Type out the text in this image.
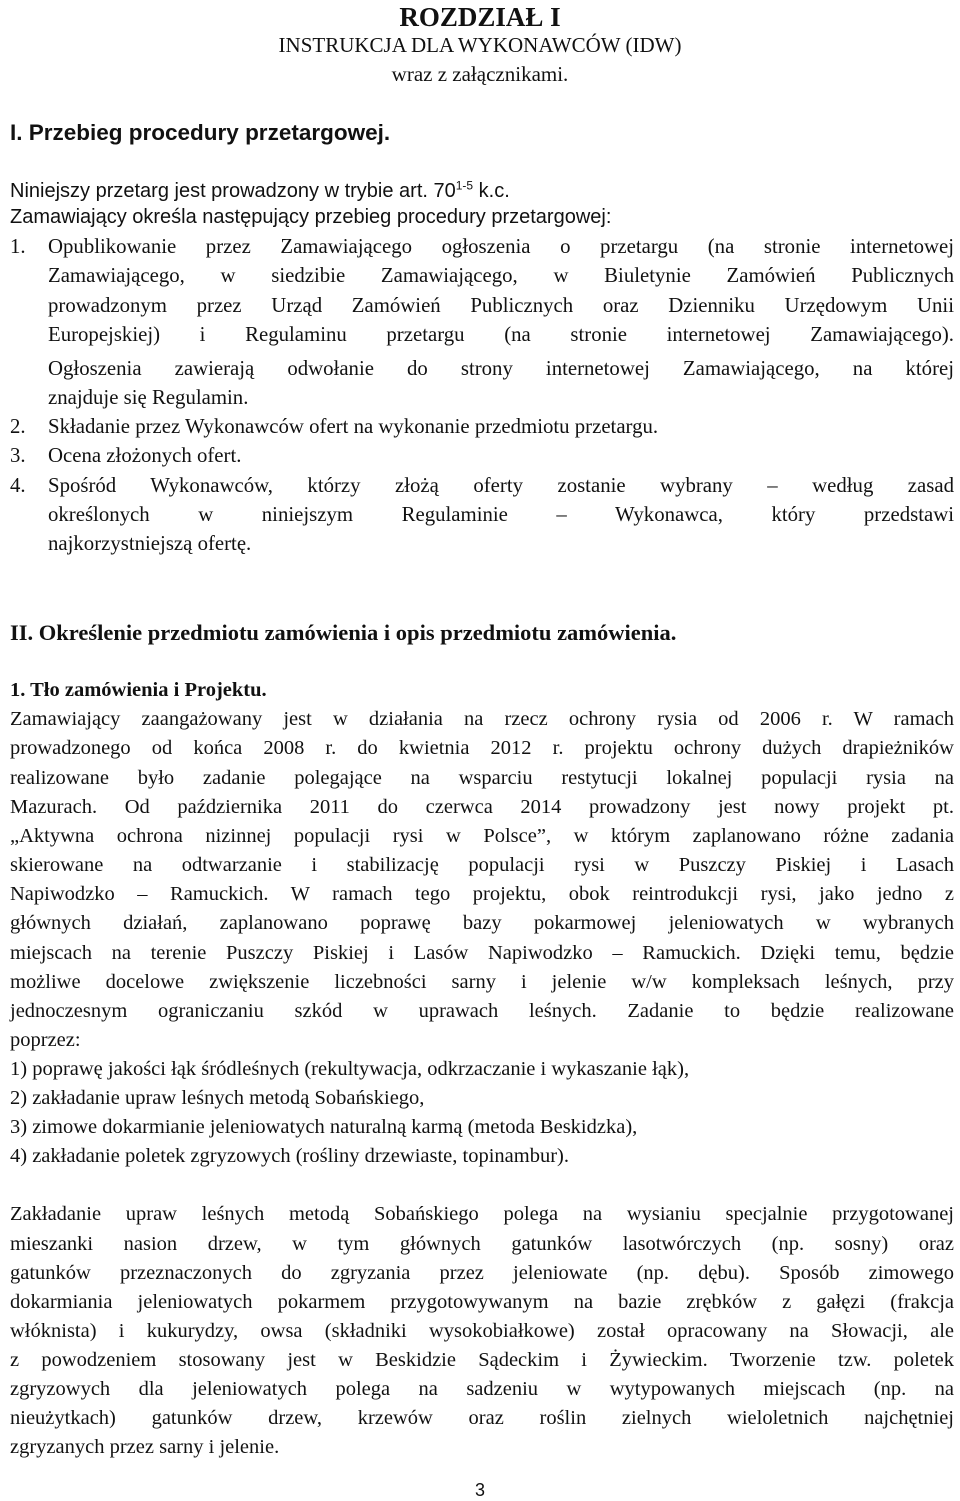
ROZDZIAŁ I
INSTRUKCJA DLA WYKONAWCÓW (IDW)
wraz z załącznikami.
I. Przebieg procedury przetargowej.
Niniejszy przetarg jest prowadzony w trybie art. 70$^{1-5}$ k.c.
Zamawiający określa następujący przebieg procedury przetargowej:
1. Opublikowanie przez Zamawiającego ogłoszenia o przetargu (na stronie internetowej
Zamawiającego, w siedzibie Zamawiającego, w Biuletynie Zamówień Publicznych
prowadzonym przez Urząd Zamówień Publicznych oraz Dzienniku Urzędowym Unii
Europejskiej) i Regulaminu przetargu (na stronie internetowej Zamawiającego).
Ogłoszenia zawierają odwołanie do strony internetowej Zamawiającego, na której
znajduje się Regulamin.
2. Składanie przez Wykonawców ofert na wykonanie przedmiotu przetargu.
3. Ocena złożonych ofert.
4. Spośród Wykonawców, którzy złożą oferty zostanie wybrany – według zasad
określonych w niniejszym Regulaminie – Wykonawca, który przedstawi
najkorzystniejszą ofertę.
II. Określenie przedmiotu zamówienia i opis przedmiotu zamówienia.
1. Tło zamówienia i Projektu.
Zamawiający zaangażowany jest w działania na rzecz ochrony rysia od 2006 r. W ramach
prowadzonego od końca 2008 r. do kwietnia 2012 r. projektu ochrony dużych drapieżników
realizowane było zadanie polegające na wsparciu restytucji lokalnej populacji rysia na
Mazurach. Od października 2011 do czerwca 2014 prowadzony jest nowy projekt pt.
„Aktywna ochrona nizinnej populacji rysi w Polsce”, w którym zaplanowano różne zadania
skierowane na odtwarzanie i stabilizację populacji rysi w Puszczy Piskiej i Lasach
Napiwodzko – Ramuckich. W ramach tego projektu, obok reintrodukcji rysi, jako jedno z
głównych działań, zaplanowano poprawę bazy pokarmowej jeleniowatych w wybranych
miejscach na terenie Puszczy Piskiej i Lasów Napiwodzko – Ramuckich. Dzięki temu, będzie
możliwe docelowe zwiększenie liczebności sarny i jelenie w/w kompleksach leśnych, przy
jednoczesnym ograniczaniu szkód w uprawach leśnych. Zadanie to będzie realizowane
poprzez:
1) poprawę jakości łąk śródleśnych (rekultywacja, odkrzaczanie i wykaszanie łąk),
2) zakładanie upraw leśnych metodą Sobańskiego,
3) zimowe dokarmianie jeleniowatych naturalną karmą (metoda Beskidzka),
4) zakładanie poletek zgryzowych (rośliny drzewiaste, topinambur).
Zakładanie upraw leśnych metodą Sobańskiego polega na wysianiu specjalnie przygotowanej
mieszanki nasion drzew, w tym głównych gatunków lasotwórczych (np. sosny) oraz
gatunków przeznaczonych do zgryzania przez jeleniowate (np. dębu). Sposób zimowego
dokarmiania jeleniowatych pokarmem przygotowywanym na bazie zrębków z gałęzi (frakcja
włóknista) i kukurydzy, owsa (składniki wysokobiałkowe) został opracowany na Słowacji, ale
z powodzeniem stosowany jest w Beskidzie Sądeckim i Żywieckim. Tworzenie tzw. poletek
zgryzowych dla jeleniowatych polega na sadzeniu w wytypowanych miejscach (np. na
nieużytkach) gatunków drzew, krzewów oraz roślin zielnych wieloletnich najchętniej
zgryzanych przez sarny i jelenie.
3
